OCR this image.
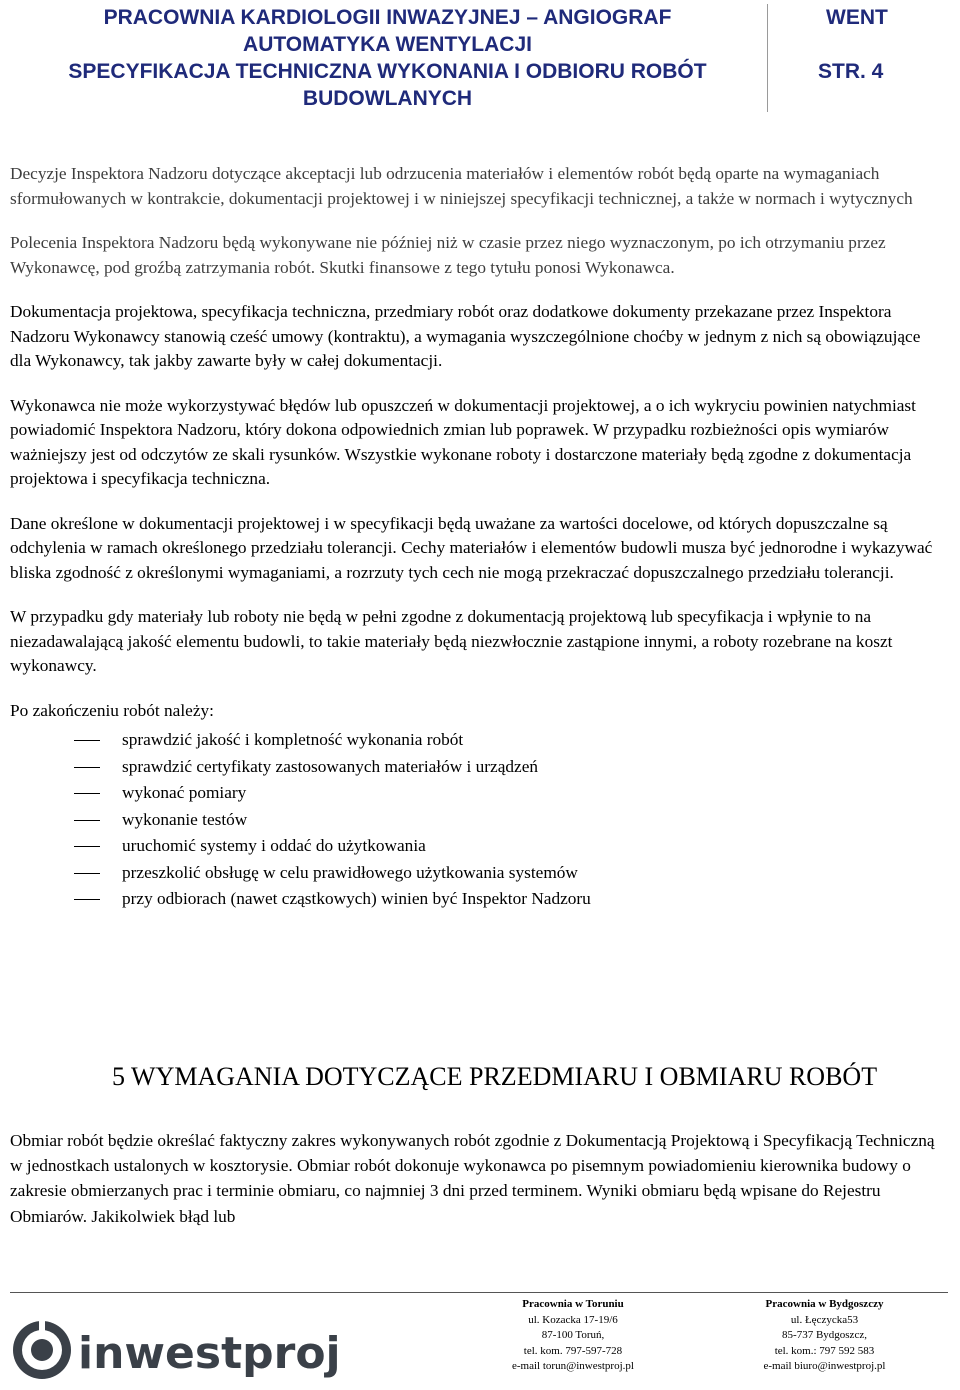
PRACOWNIA KARDIOLOGII INWAZYJNEJ – ANGIOGRAF
AUTOMATYKA WENTYLACJI
SPECYFIKACJA TECHNICZNA WYKONANIA I ODBIORU ROBÓT
BUDOWLANYCH
WENT
STR. 4

Decyzje Inspektora Nadzoru dotyczące akceptacji lub odrzucenia materiałów i elementów robót będą oparte na wymaganiach sformułowanych w kontrakcie, dokumentacji projektowej i w niniejszej specyfikacji technicznej, a także w normach i wytycznych

Polecenia Inspektora Nadzoru będą wykonywane nie później niż w czasie przez niego wyznaczonym, po ich otrzymaniu przez Wykonawcę, pod groźbą zatrzymania robót. Skutki finansowe z tego tytułu ponosi Wykonawca.

Dokumentacja projektowa, specyfikacja techniczna, przedmiary robót oraz dodatkowe dokumenty przekazane przez Inspektora Nadzoru Wykonawcy stanowią cześć umowy (kontraktu), a wymagania wyszczególnione choćby w jednym z nich są obowiązujące dla Wykonawcy, tak jakby zawarte były w całej dokumentacji.

Wykonawca nie może wykorzystywać błędów lub opuszczeń w dokumentacji projektowej, a o ich wykryciu powinien natychmiast powiadomić Inspektora Nadzoru, który dokona odpowiednich zmian lub poprawek. W przypadku rozbieżności opis wymiarów ważniejszy jest od odczytów ze skali rysunków. Wszystkie wykonane roboty i dostarczone materiały będą zgodne z dokumentacja projektowa i specyfikacja techniczna.

Dane określone w dokumentacji projektowej i w specyfikacji będą uważane za wartości docelowe, od których dopuszczalne są odchylenia w ramach określonego przedziału tolerancji. Cechy materiałów i elementów budowli musza być jednorodne i wykazywać bliska zgodność z określonymi wymaganiami, a rozrzuty tych cech nie mogą przekraczać dopuszczalnego przedziału tolerancji.

W przypadku gdy materiały lub roboty nie będą w pełni zgodne z dokumentacją projektową lub specyfikacja i wpłynie to na niezadawalającą jakość elementu budowli, to takie materiały będą niezwłocznie zastąpione innymi, a roboty rozebrane na koszt wykonawcy.

Po zakończeniu robót należy:

sprawdzić jakość i kompletność wykonania robót
sprawdzić certyfikaty zastosowanych materiałów i urządzeń
wykonać pomiary
wykonanie testów
uruchomić systemy i oddać do użytkowania
przeszkolić obsługę w celu prawidłowego użytkowania systemów
przy odbiorach (nawet cząstkowych) winien być Inspektor Nadzoru
5 WYMAGANIA DOTYCZĄCE PRZEDMIARU I OBMIARU ROBÓT

Obmiar robót będzie określać faktyczny zakres wykonywanych robót zgodnie z Dokumentacją Projektową i Specyfikacją Techniczną w jednostkach ustalonych w kosztorysie. Obmiar robót dokonuje wykonawca po pisemnym powiadomieniu kierownika budowy o zakresie obmierzanych prac i terminie obmiaru, co najmniej 3 dni przed terminem. Wyniki obmiaru będą wpisane do Rejestru Obmiarów. Jakikolwiek błąd lub

inwestproj
Pracownia w Toruniu
ul. Kozacka 17-19/6
87-100 Toruń,
tel. kom. 797-597-728
e-mail torun@inwestproj.pl
Pracownia w Bydgoszczy
ul. Łęczycka53
85-737 Bydgoszcz,
tel. kom.: 797 592 583
e-mail biuro@inwestproj.pl
